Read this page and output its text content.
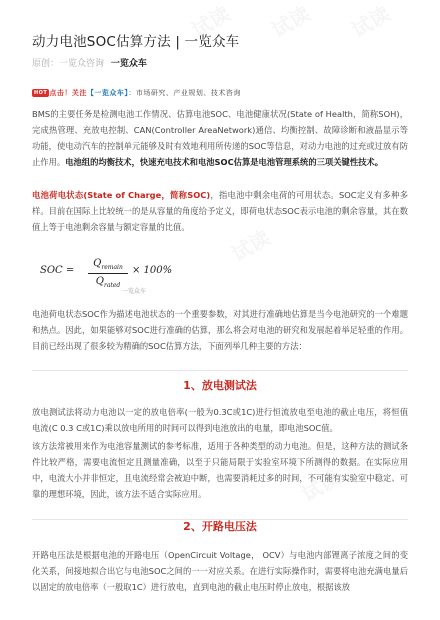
试读 试读 试读
试读
试读
动力电池SOC估算方法 | 一览众车
原创：一览众咨询 一览众车
HOT 点击！关注【一览众车】：市场研究、产业规划、技术咨询

BMS的主要任务是检测电池工作情况、估算电池SOC、电池健康状况(State of Health，简称SOH)，完成热管理、充放电控制、CAN(Controller AreaNetwork)通信、均衡控制、故障诊断和液晶显示等功能，使电动汽车的控制单元能够及时有效地利用所传递的SOC等信息，对动力电池的过充或过放有防止作用。电池组的均衡技术，快速充电技术和电池SOC估算是电池管理系统的三项关键性技术。

电池荷电状态(State of Charge，简称SOC)，指电池中剩余电荷的可用状态。SOC定义有多种多样。目前在国际上比较统一的是从容量的角度给予定义，即荷电状态SOC表示电池的剩余容量，其在数值上等于电池剩余容量与额定容量的比值。

SOC =
$Q_{remain}$
$Q_{rated}$
× 100%
一览众车

电池荷电状态SOC作为描述电池状态的一个重要参数，对其进行准确地估算是当今电池研究的一个难题和热点。因此，如果能够对SOC进行准确的估算，那么将会对电池的研究和发展起着举足轻重的作用。目前已经出现了很多较为精确的SOC估算方法，下面列举几种主要的方法：

1、放电测试法

放电测试法将动力电池以一定的放电倍率(一般为0.3C或1C)进行恒流放电至电池的截止电压，将恒值电流(C 0.3 C或1C)乘以放电所用的时间可以得到电池放出的电量，即电池SOC值。

该方法常被用来作为电池容量测试的参考标准，适用于各种类型的动力电池。但是，这种方法的测试条件比较严格，需要电流恒定且测量准确，以至于只能局限于实验室环境下所测得的数据。在实际应用中，电流大小并非恒定，且电流经常会被迫中断，也需要消耗过多的时间，不可能有实验室中稳定、可靠的理想环境，因此，该方法不适合实际应用。

2、开路电压法

开路电压法是根据电池的开路电压（OpenCircuit Voltage， OCV）与电池内部锂离子浓度之间的变化关系，间接地拟合出它与电池SOC之间的一一对应关系。在进行实际操作时，需要将电池充满电量后以固定的放电倍率（一般取1C）进行放电，直到电池的截止电压时停止放电，根据该放
